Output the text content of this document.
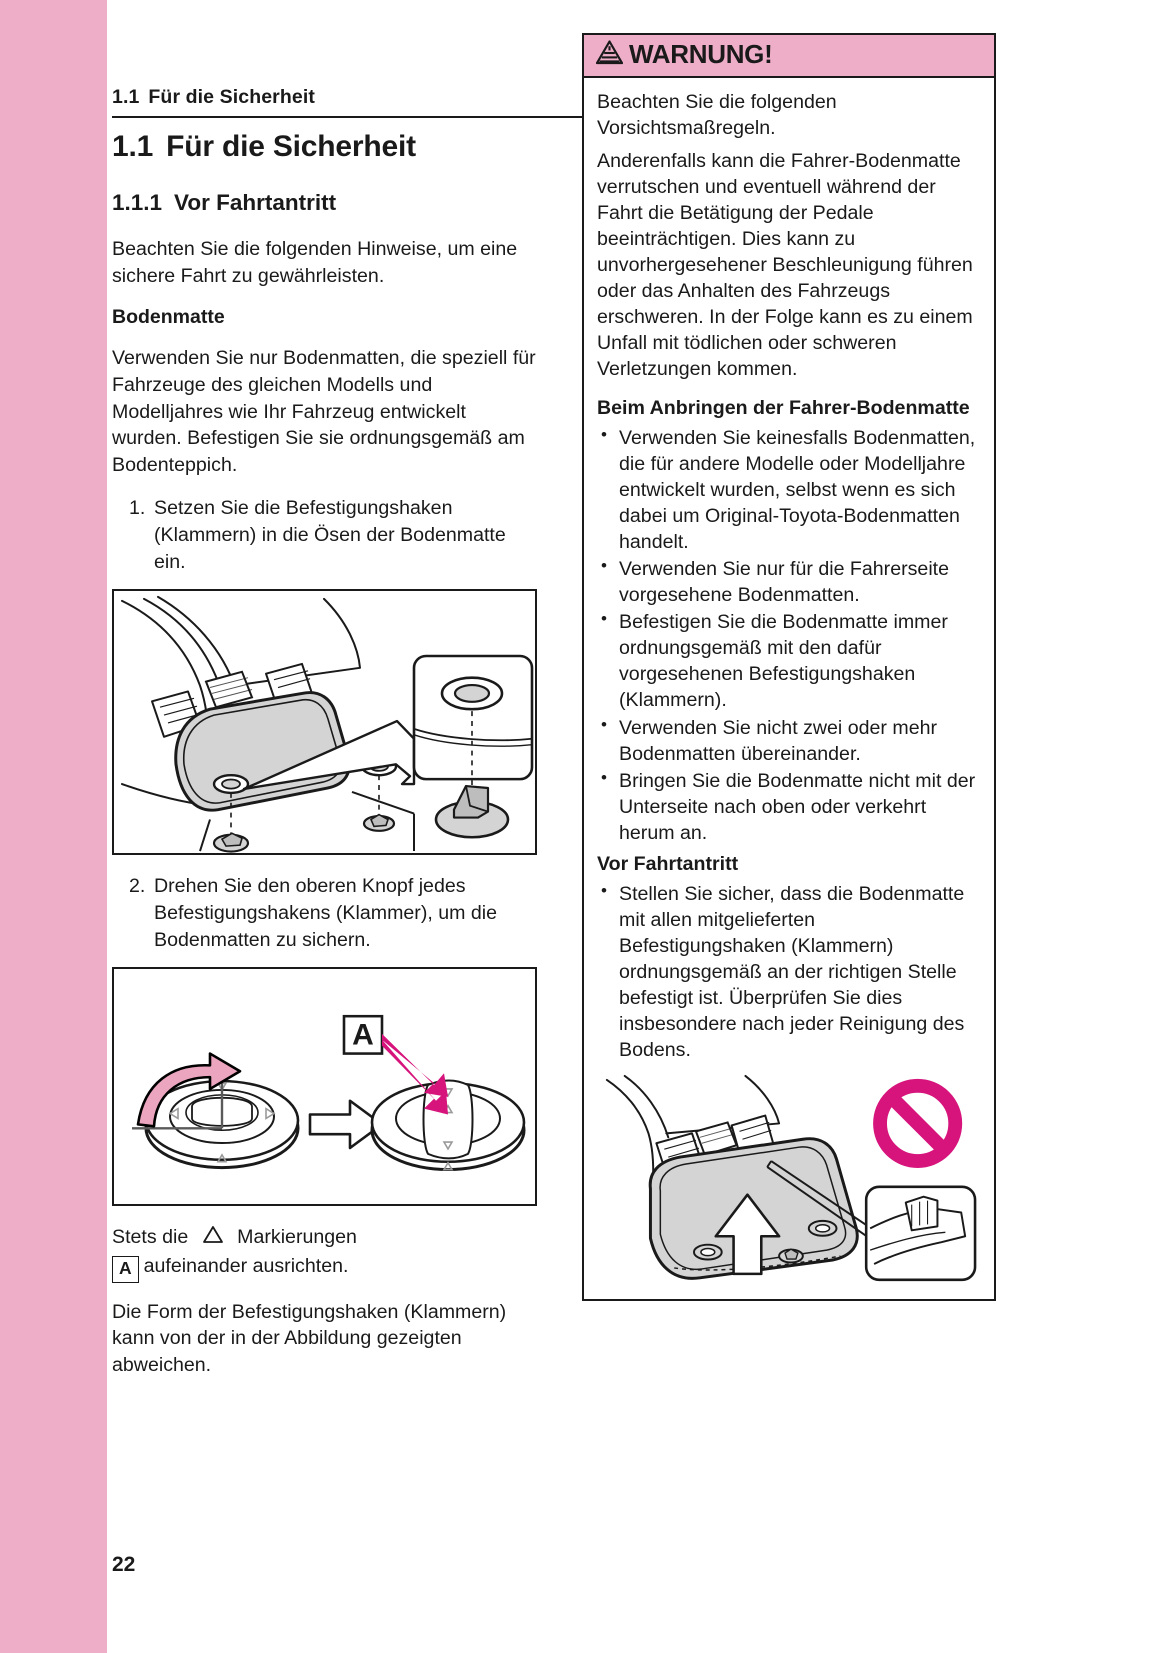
1.1 Für die Sicherheit
1.1 Für die Sicherheit
1.1.1 Vor Fahrtantritt

Beachten Sie die folgenden Hinweise, um eine sichere Fahrt zu gewährleisten.

Bodenmatte

Verwenden Sie nur Bodenmatten, die speziell für Fahrzeuge des gleichen Modells und Modelljahres wie Ihr Fahrzeug entwickelt wurden. Befestigen Sie sie ordnungsgemäß am Bodenteppich.

1. Setzen Sie die Befestigungshaken (Klammern) in die Ösen der Bodenmatte ein.
2. Drehen Sie den oberen Knopf jedes Befestigungshakens (Klammer), um die Bodenmatten zu sichern.
A
Stets die Markierungen
A aufeinander ausrichten.

Die Form der Befestigungshaken (Klammern) kann von der in der Abbildung gezeigten abweichen.

WARNUNG!

Beachten Sie die folgenden Vorsichtsmaßregeln.

Anderenfalls kann die Fahrer-Bodenmatte verrutschen und eventuell während der Fahrt die Betätigung der Pedale beeinträchtigen. Dies kann zu unvorhergesehener Beschleunigung führen oder das Anhalten des Fahrzeugs erschweren. In der Folge kann es zu einem Unfall mit tödlichen oder schweren Verletzungen kommen.

Beim Anbringen der Fahrer-Bodenmatte
• Verwenden Sie keinesfalls Bodenmatten, die für andere Modelle oder Modelljahre entwickelt wurden, selbst wenn es sich dabei um Original-Toyota-Bodenmatten handelt.
• Verwenden Sie nur für die Fahrerseite vorgesehene Bodenmatten.
• Befestigen Sie die Bodenmatte immer ordnungsgemäß mit den dafür vorgesehenen Befestigungshaken (Klammern).
• Verwenden Sie nicht zwei oder mehr Bodenmatten übereinander.
• Bringen Sie die Bodenmatte nicht mit der Unterseite nach oben oder verkehrt herum an.
Vor Fahrtantritt
• Stellen Sie sicher, dass die Bodenmatte mit allen mitgelieferten Befestigungshaken (Klammern) ordnungsgemäß an der richtigen Stelle befestigt ist. Überprüfen Sie dies insbesondere nach jeder Reinigung des Bodens.
22
